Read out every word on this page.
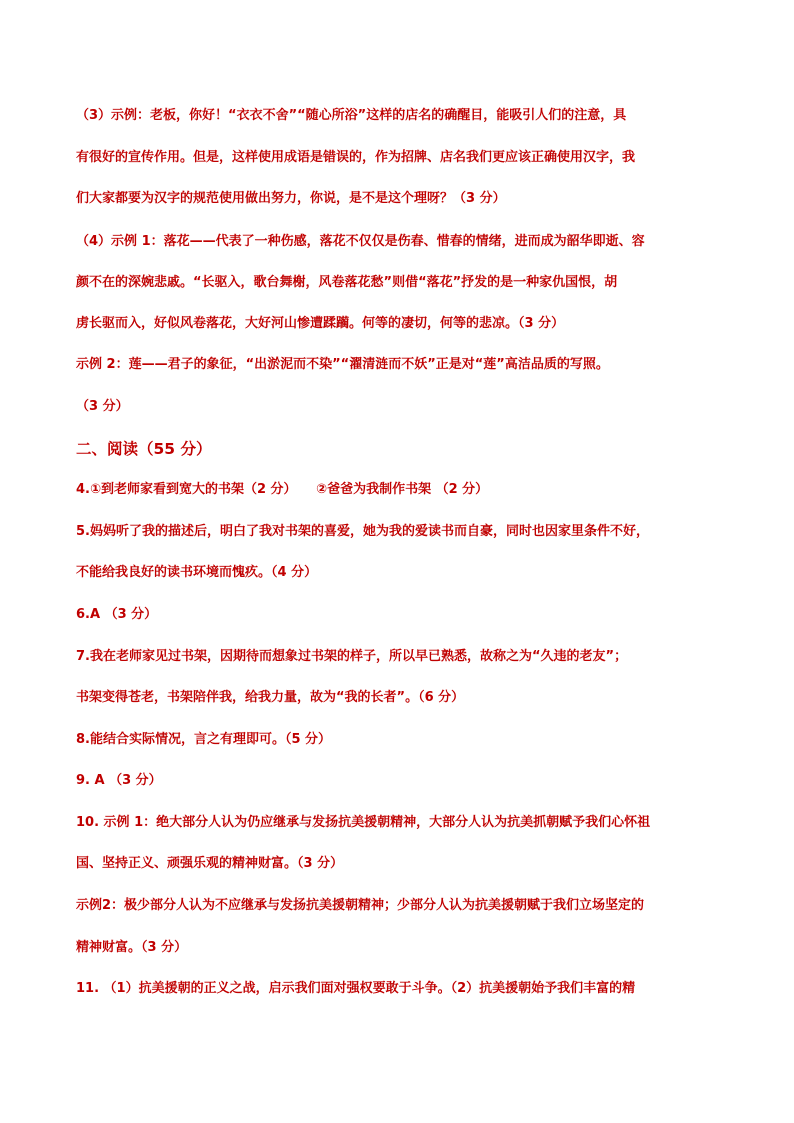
（3）示例：老板，你好！“衣衣不舍”“随心所浴”这样的店名的确醒目，能吸引人们的注意，具
有很好的宣传作用。但是，这样使用成语是错误的，作为招牌、店名我们更应该正确使用汉字，我
们大家都要为汉字的规范使用做出努力，你说，是不是这个理呀？（3 分）
（4）示例 1：落花——代表了一种伤感，落花不仅仅是伤春、惜春的情绪，进而成为韶华即逝、容
颜不在的深婉悲戚。“长驱入，歌台舞榭，风卷落花愁”则借“落花”抒发的是一种家仇国恨，胡
虏长驱而入，好似风卷落花，大好河山惨遭蹂躏。何等的凄切，何等的悲凉。（3 分）
示例 2：莲——君子的象征，“出淤泥而不染”“濯清涟而不妖”正是对“莲”高洁品质的写照。
（3 分）
二、阅读（55 分）
4.①到老师家看到宽大的书架（2 分）　　②爸爸为我制作书架 （2 分）
5.妈妈听了我的描述后，明白了我对书架的喜爱，她为我的爱读书而自豪，同时也因家里条件不好，
不能给我良好的读书环境而愧疚。（4 分）
6.A （3 分）
7.我在老师家见过书架，因期待而想象过书架的样子，所以早已熟悉，故称之为“久违的老友”；
书架变得苍老，书架陪伴我，给我力量，故为“我的长者”。（6 分）
8.能结合实际情况，言之有理即可。（5 分）
9. A （3 分）
10. 示例 1：绝大部分人认为仍应继承与发扬抗美援朝精神，大部分人认为抗美抓朝赋予我们心怀祖
国、坚持正义、顽强乐观的精神财富。（3 分）
示例2：极少部分人认为不应继承与发扬抗美援朝精神；少部分人认为抗美援朝赋于我们立场坚定的
精神财富。（3 分）
11. （1）抗美援朝的正义之战，启示我们面对强权要敢于斗争。（2）抗美援朝始予我们丰富的精
